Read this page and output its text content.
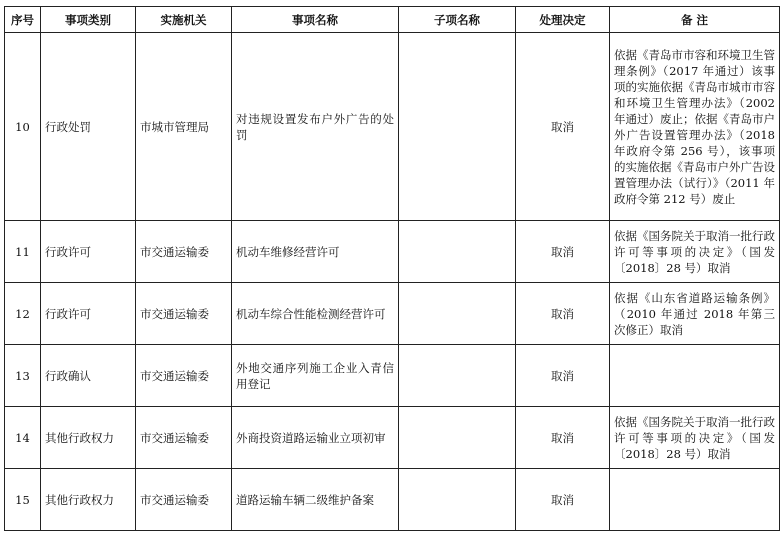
序号	事项类别	实施机关	事项名称	子项名称	处理决定	备 注
10	行政处罚	市城市管理局	对违规设置发布户外广告的处罚		取消	依据《青岛市市容和环境卫生管理条例》（2017 年通过）该事项的实施依据《青岛市城市市容和环境卫生管理办法》（2002 年通过）废止；依据《青岛市户外广告设置管理办法》（2018 年政府令第 256 号），该事项的实施依据《青岛市户外广告设置管理办法（试行）》（2011 年政府令第 212 号）废止
11	行政许可	市交通运输委	机动车维修经营许可		取消	依据《国务院关于取消一批行政许可等事项的决定》（国发〔2018〕28 号）取消
12	行政许可	市交通运输委	机动车综合性能检测经营许可		取消	依据《山东省道路运输条例》（2010 年通过 2018 年第三次修正）取消
13	行政确认	市交通运输委	外地交通序列施工企业入青信用登记		取消	
14	其他行政权力	市交通运输委	外商投资道路运输业立项初审		取消	依据《国务院关于取消一批行政许可等事项的决定》（国发〔2018〕28 号）取消
15	其他行政权力	市交通运输委	道路运输车辆二级维护备案		取消	
